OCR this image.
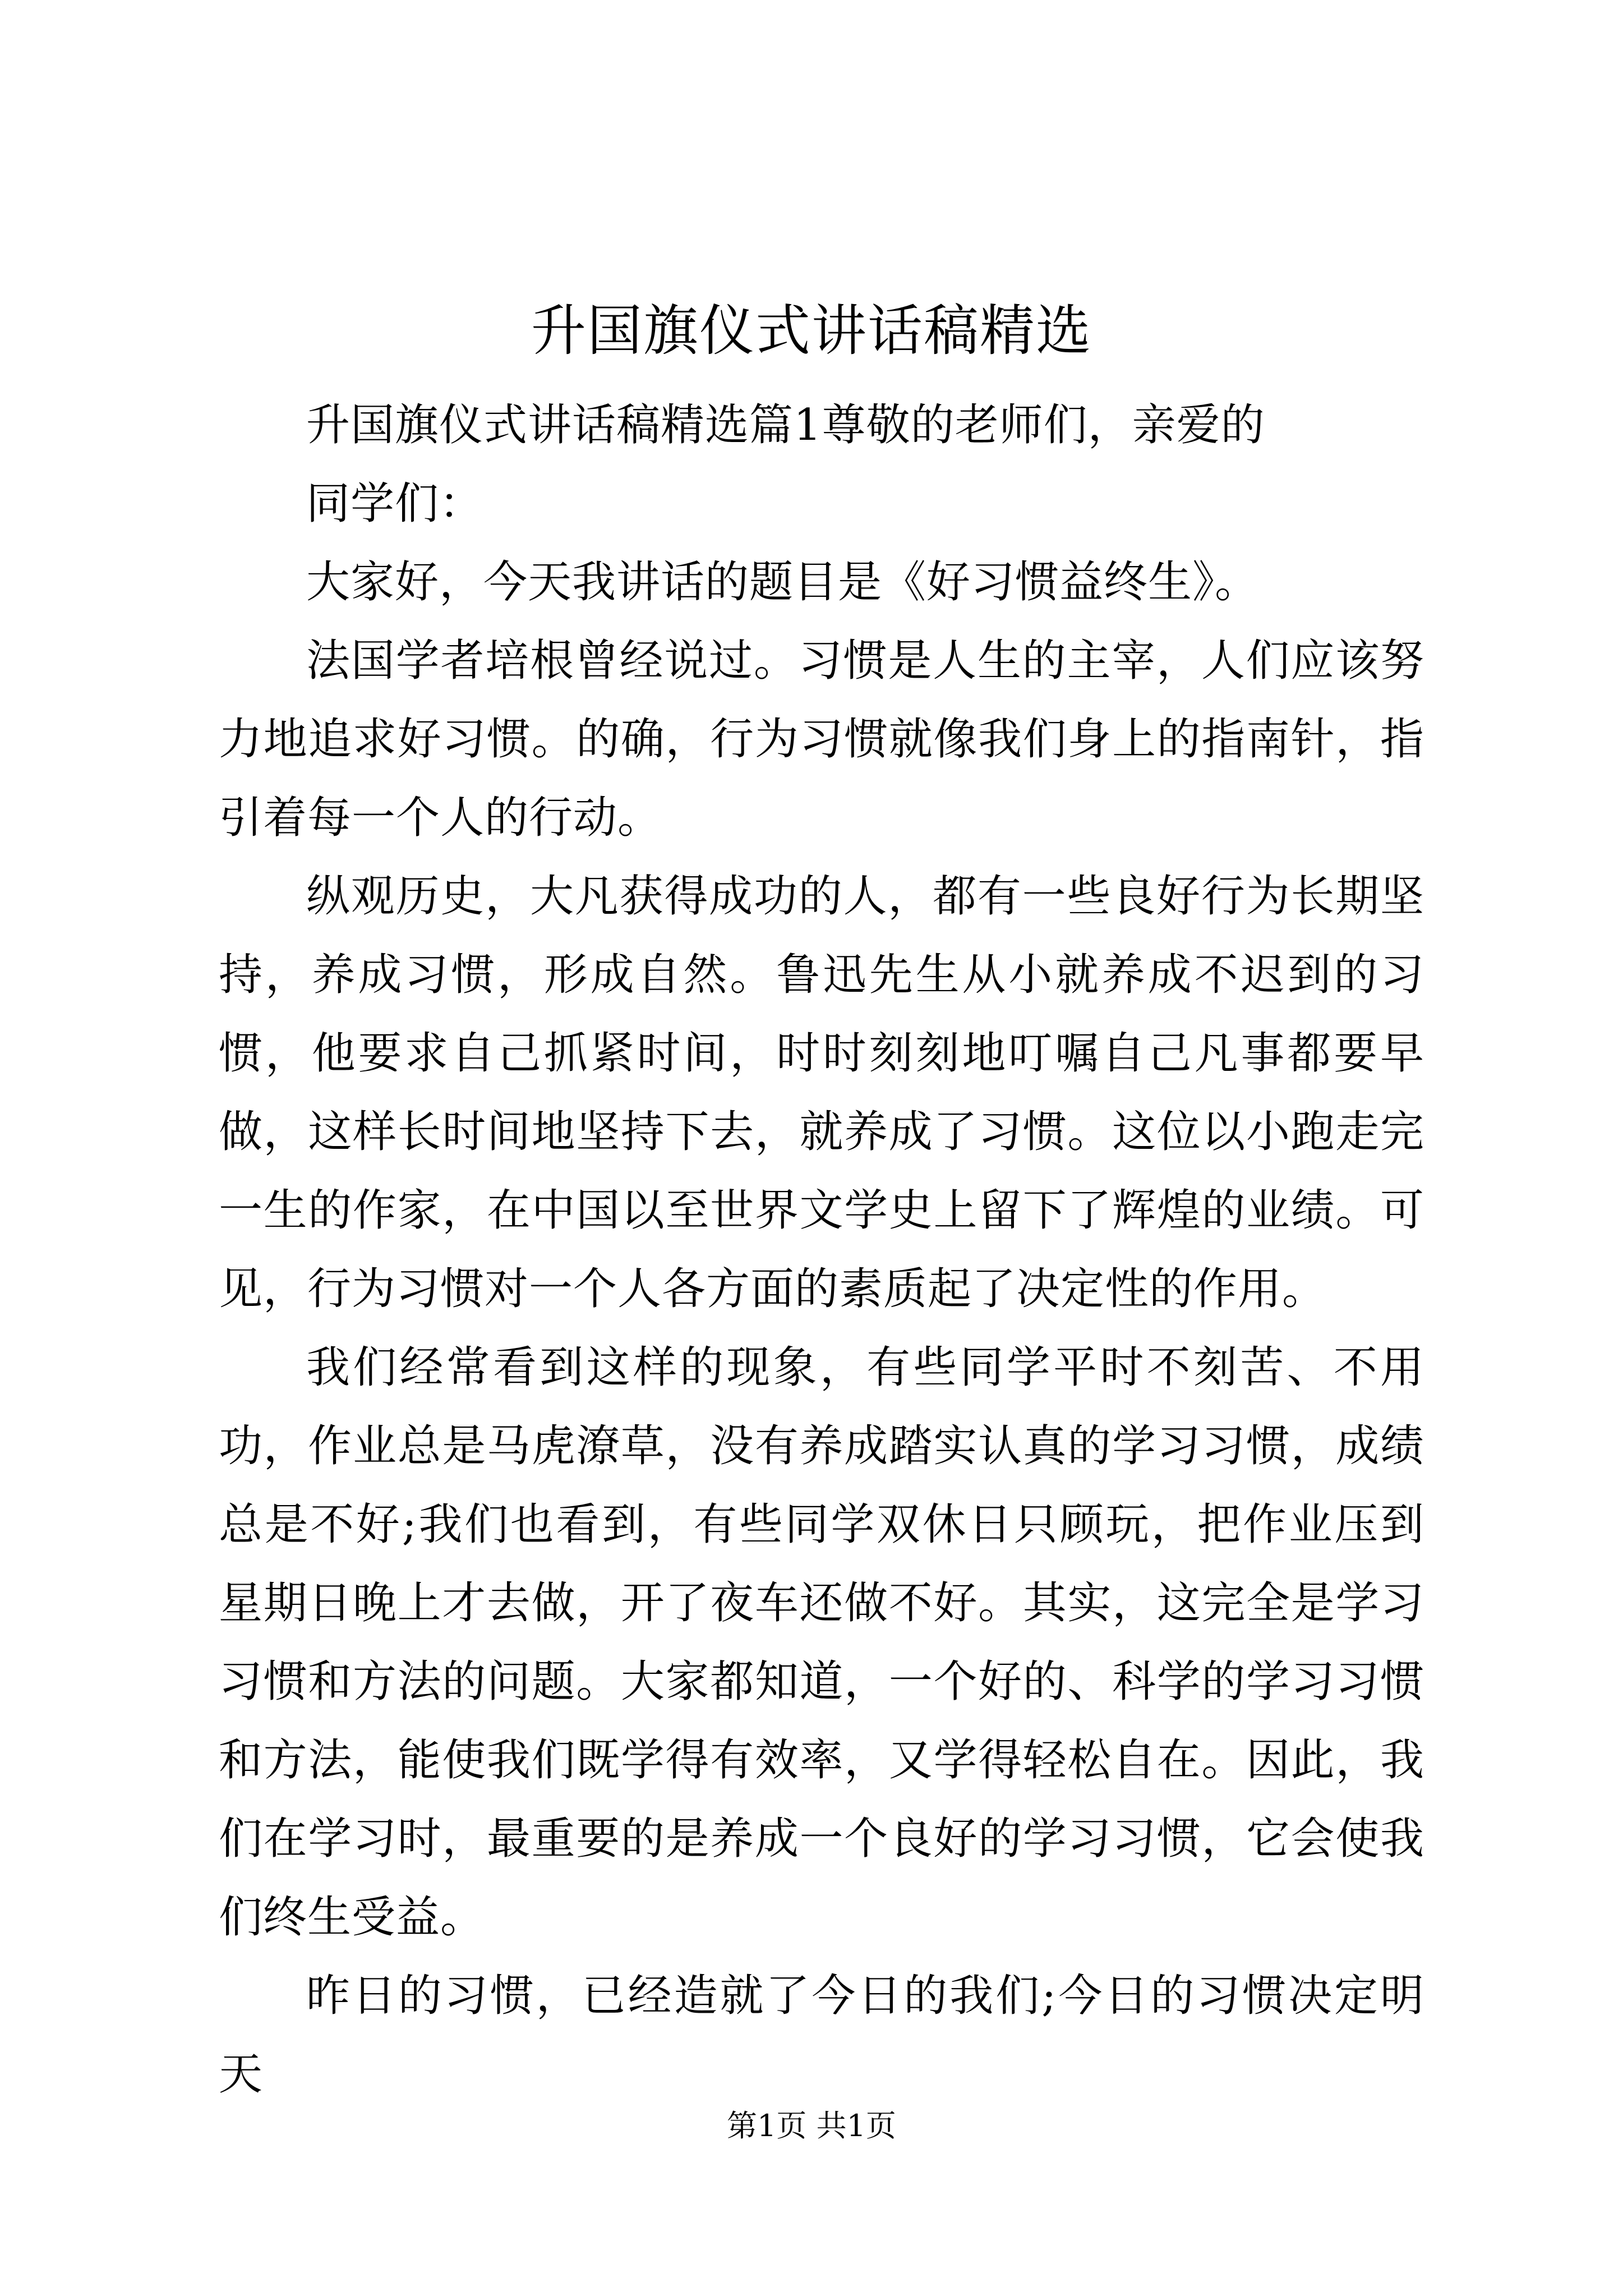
升国旗仪式讲话稿精选

升国旗仪式讲话稿精选篇1尊敬的老师们，亲爱的

同学们：

大家好，今天我讲话的题目是《好习惯益终生》。

法国学者培根曾经说过。习惯是人生的主宰，人们应该努力地追求好习惯。的确，行为习惯就像我们身上的指南针，指引着每一个人的行动。

纵观历史，大凡获得成功的人，都有一些良好行为长期坚持，养成习惯，形成自然。鲁迅先生从小就养成不迟到的习惯，他要求自己抓紧时间，时时刻刻地叮嘱自己凡事都要早做，这样长时间地坚持下去，就养成了习惯。这位以小跑走完一生的作家，在中国以至世界文学史上留下了辉煌的业绩。可见，行为习惯对一个人各方面的素质起了决定性的作用。

我们经常看到这样的现象，有些同学平时不刻苦、不用功，作业总是马虎潦草，没有养成踏实认真的学习习惯，成绩总是不好;我们也看到，有些同学双休日只顾玩，把作业压到星期日晚上才去做，开了夜车还做不好。其实，这完全是学习习惯和方法的问题。大家都知道，一个好的、科学的学习习惯和方法，能使我们既学得有效率，又学得轻松自在。因此，我们在学习时，最重要的是养成一个良好的学习习惯，它会使我们终生受益。

昨日的习惯，已经造就了今日的我们;今日的习惯决定明天

第1页 共1页
